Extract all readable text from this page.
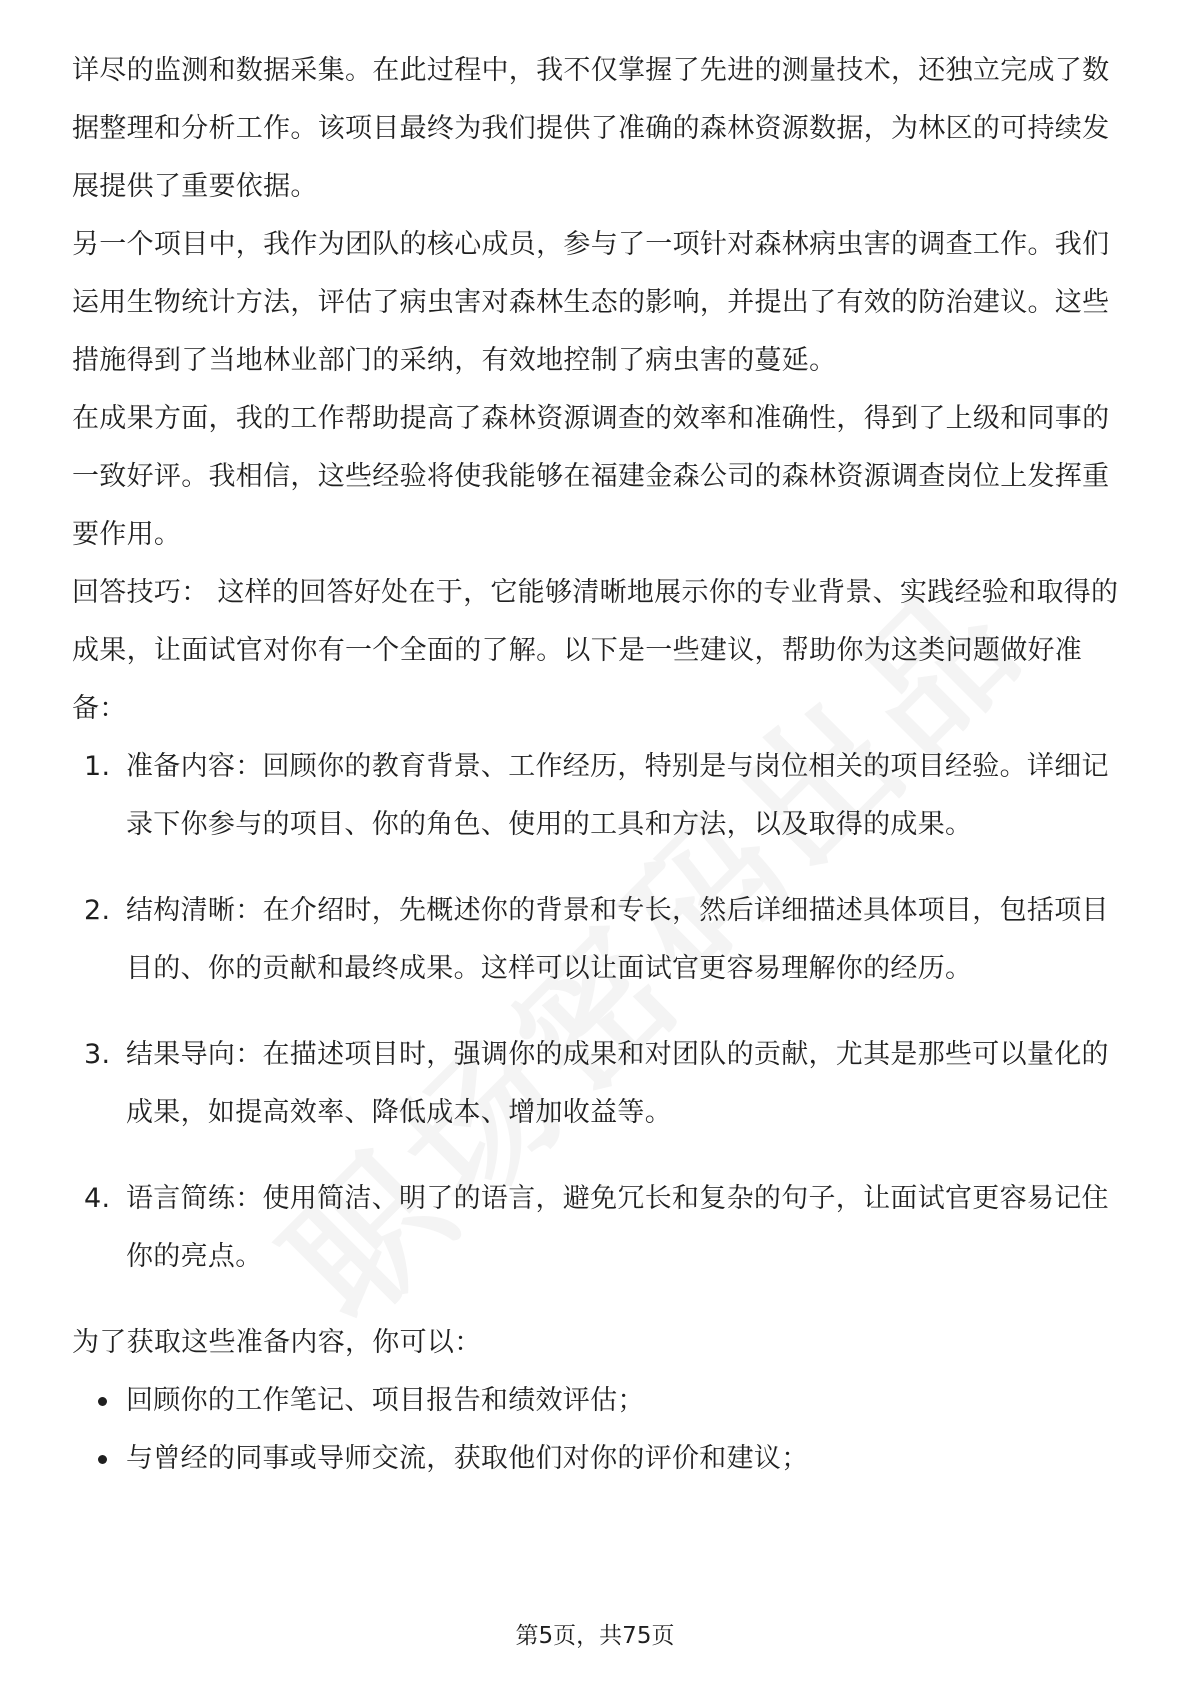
详尽的监测和数据采集。在此过程中，我不仅掌握了先进的测量技术，还独立完成了数据整理和分析工作。该项目最终为我们提供了准确的森林资源数据，为林区的可持续发展提供了重要依据。

另一个项目中，我作为团队的核心成员，参与了一项针对森林病虫害的调查工作。我们运用生物统计方法，评估了病虫害对森林生态的影响，并提出了有效的防治建议。这些措施得到了当地林业部门的采纳，有效地控制了病虫害的蔓延。

在成果方面，我的工作帮助提高了森林资源调查的效率和准确性，得到了上级和同事的一致好评。我相信，这些经验将使我能够在福建金森公司的森林资源调查岗位上发挥重要作用。

回答技巧： 这样的回答好处在于，它能够清晰地展示你的专业背景、实践经验和取得的成果，让面试官对你有一个全面的了解。以下是一些建议，帮助你为这类问题做好准备：

1. 准备内容：回顾你的教育背景、工作经历，特别是与岗位相关的项目经验。详细记录下你参与的项目、你的角色、使用的工具和方法，以及取得的成果。
2. 结构清晰：在介绍时，先概述你的背景和专长，然后详细描述具体项目，包括项目目的、你的贡献和最终成果。这样可以让面试官更容易理解你的经历。
3. 结果导向：在描述项目时，强调你的成果和对团队的贡献，尤其是那些可以量化的成果，如提高效率、降低成本、增加收益等。
4. 语言简练：使用简洁、明了的语言，避免冗长和复杂的句子，让面试官更容易记住你的亮点。

为了获取这些准备内容，你可以：

回顾你的工作笔记、项目报告和绩效评估；
与曾经的同事或导师交流，获取他们对你的评价和建议；
第5页，共75页
